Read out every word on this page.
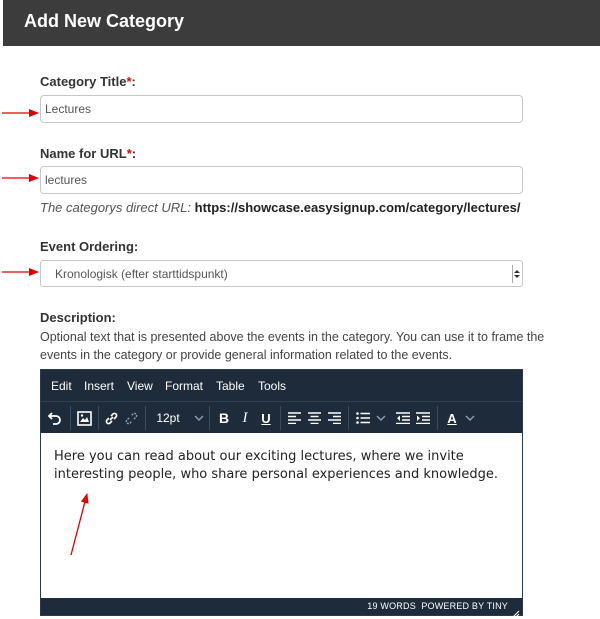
Add New Category
Category Title*:
Lectures
Name for URL*:
lectures
The categorys direct URL: https://showcase.easysignup.com/category/lectures/
Event Ordering:
Kronologisk (efter starttidspunkt)
Description:
Optional text that is presented above the events in the category. You can use it to frame the events in the category or provide general information related to the events.
Edit Insert View Format Table Tools
12pt	B I	U	A
Here you can read about our exciting lectures, where we invite interesting people, who share personal experiences and knowledge.
19 WORDS POWERED BY TINY
